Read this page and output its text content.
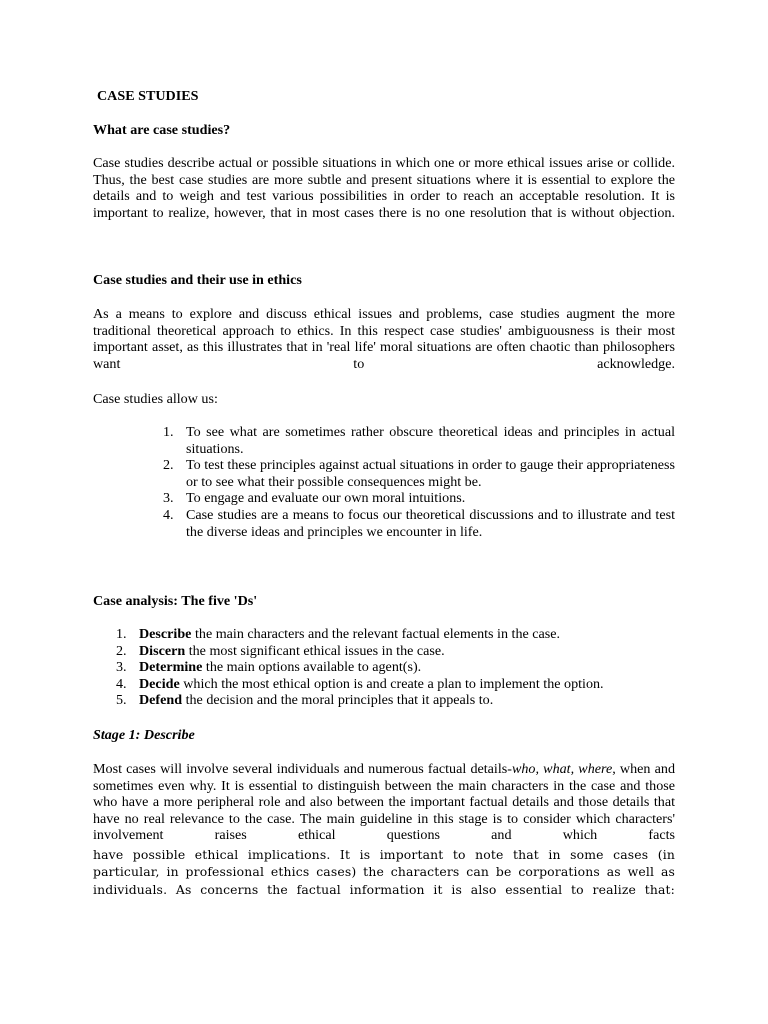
CASE STUDIES

What are case studies?

Case studies describe actual or possible situations in which one or more ethical issues arise or collide. Thus, the best case studies are more subtle and present situations where it is essential to explore the details and to weigh and test various possibilities in order to reach an acceptable resolution. It is important to realize, however, that in most cases there is no one resolution that is without objection.

Case studies and their use in ethics

As a means to explore and discuss ethical issues and problems, case studies augment the more traditional theoretical approach to ethics. In this respect case studies' ambiguousness is their most important asset, as this illustrates that in 'real life' moral situations are often chaotic than philosophers want to acknowledge.

Case studies allow us:

1. To see what are sometimes rather obscure theoretical ideas and principles in actual situations.
2. To test these principles against actual situations in order to gauge their appropriateness or to see what their possible consequences might be.
3. To engage and evaluate our own moral intuitions.
4. Case studies are a means to focus our theoretical discussions and to illustrate and test the diverse ideas and principles we encounter in life.

Case analysis: The five 'Ds'

1. Describe the main characters and the relevant factual elements in the case.
2. Discern the most significant ethical issues in the case.
3. Determine the main options available to agent(s).
4. Decide which the most ethical option is and create a plan to implement the option.
5. Defend the decision and the moral principles that it appeals to.

Stage 1: Describe

Most cases will involve several individuals and numerous factual details-who, what, where, when and sometimes even why. It is essential to distinguish between the main characters in the case and those who have a more peripheral role and also between the important factual details and those details that have no real relevance to the case. The main guideline in this stage is to consider which characters' involvement raises ethical questions and which facts

have possible ethical implications. It is important to note that in some cases (in particular, in professional ethics cases) the characters can be corporations as well as individuals. As concerns the factual information it is also essential to realize that:
